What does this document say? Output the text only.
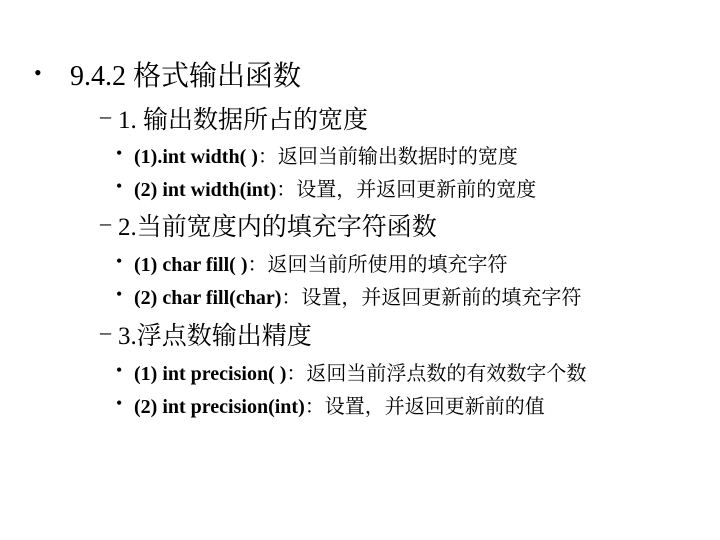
• 9.4.2 格式输出函数
– 1. 输出数据所占的宽度
• (1).int width( )：返回当前输出数据时的宽度
• (2) int width(int)：设置，并返回更新前的宽度
– 2.当前宽度内的填充字符函数
• (1) char fill( )：返回当前所使用的填充字符
• (2) char fill(char)：设置，并返回更新前的填充字符
– 3.浮点数输出精度
• (1) int precision( )：返回当前浮点数的有效数字个数
• (2) int precision(int)：设置，并返回更新前的值
